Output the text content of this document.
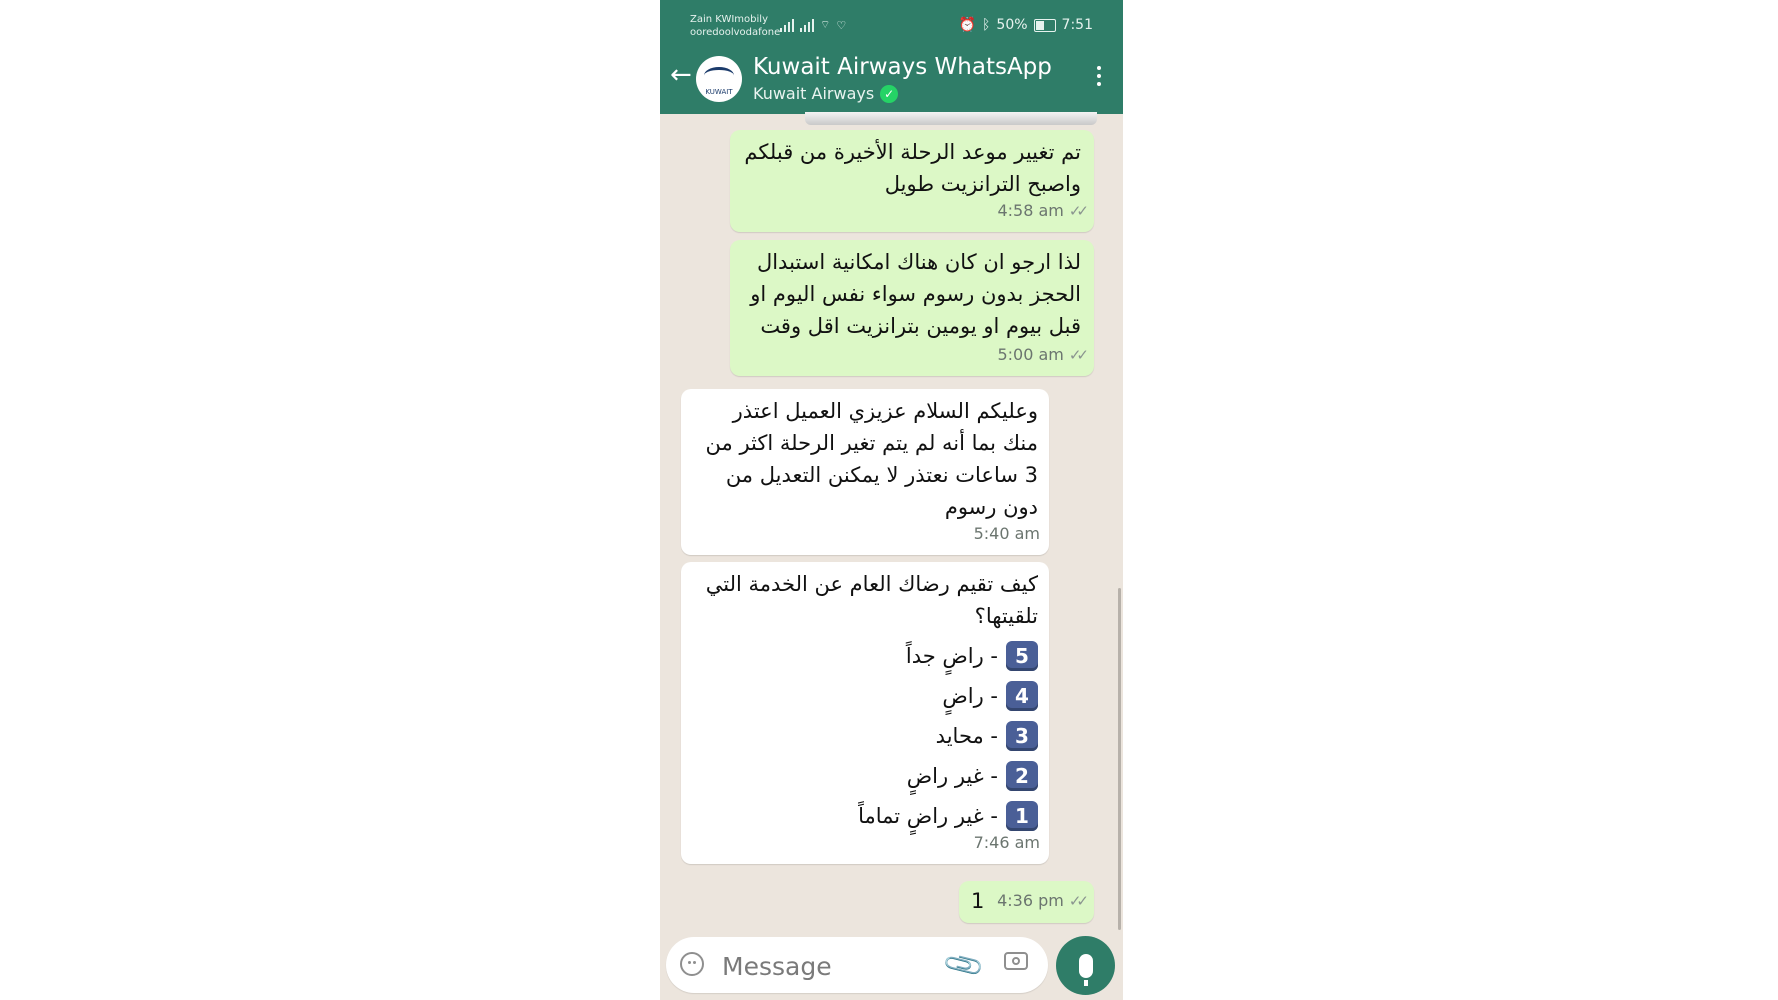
Zain KWImobily
ooredoolvodafone
⌔ ♡	⏰ ᛒ 50% 7:51
←
KUWAIT
Kuwait Airways WhatsApp
Kuwait Airways ✓
تم تغيير موعد الرحلة الأخيرة من قبلكم واصبح الترانزيت طويل
4:58 am ✓✓
لذا ارجو ان كان هناك امكانية استبدال الحجز بدون رسوم سواء نفس اليوم او قبل بيوم او يومين بترانزيت اقل وقت
5:00 am ✓✓
وعليكم السلام عزيزي العميل اعتذر منك بما أنه لم يتم تغير الرحلة اكثر من 3 ساعات نعتذر لا يمكنن التعديل من دون رسوم
5:40 am
كيف تقيم رضاك العام عن الخدمة التي تلقيتها؟
5
- راضٍ جداً
4
- راضٍ
3
- محايد
2
- غير راضٍ
1
- غير راضٍ تماماً
7:46 am
1 4:36 pm ✓✓
Message
📎
